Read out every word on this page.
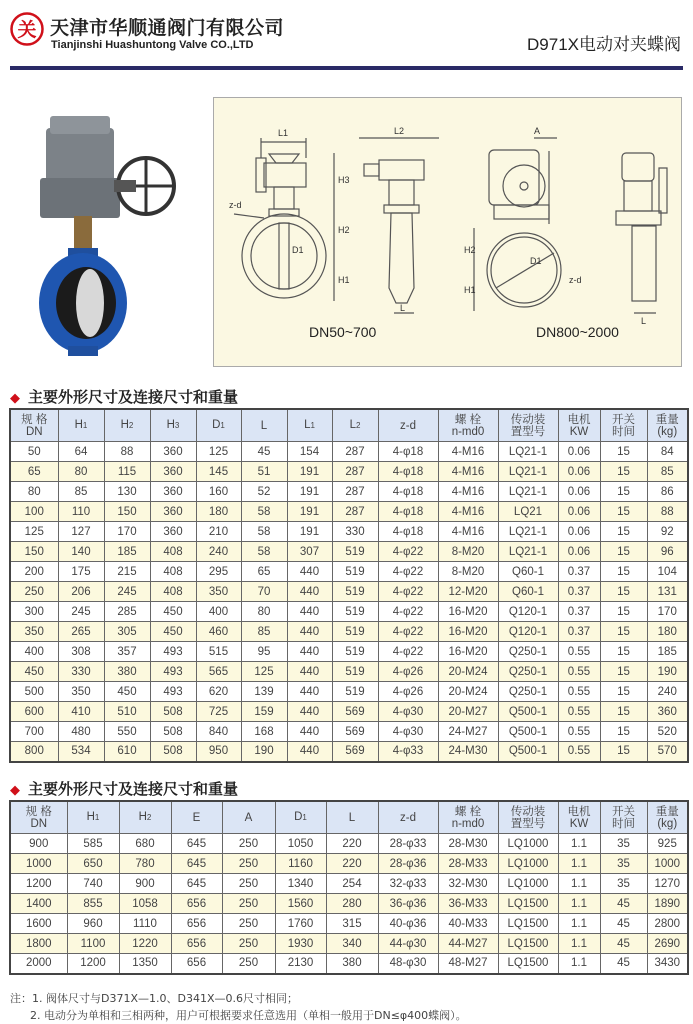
关 天津市华顺通阀门有限公司
Tianjinshi Huashuntong Valve CO.,LTD	D971X电动对夹蝶阀
L1	L2
H3
H2
H1
D1
z-d
L
A
H2
H1
D1
z-d
L
DN50~700	DN800~2000
◆ 主要外形尺寸及连接尺寸和重量
规 格
DN	H1	H2	H3	D1	L	L1	L2	z-d	螺 栓
n-md0	传动装
置型号	电机
KW	开关
时间	重量
(kg)
50	64	88	360	125	45	154	287	4-φ18	4-M16	LQ21-1	0.06	15	84
65	80	115	360	145	51	191	287	4-φ18	4-M16	LQ21-1	0.06	15	85
80	85	130	360	160	52	191	287	4-φ18	4-M16	LQ21-1	0.06	15	86
100	110	150	360	180	58	191	287	4-φ18	4-M16	LQ21	0.06	15	88
125	127	170	360	210	58	191	330	4-φ18	4-M16	LQ21-1	0.06	15	92
150	140	185	408	240	58	307	519	4-φ22	8-M20	LQ21-1	0.06	15	96
200	175	215	408	295	65	440	519	4-φ22	8-M20	Q60-1	0.37	15	104
250	206	245	408	350	70	440	519	4-φ22	12-M20	Q60-1	0.37	15	131
300	245	285	450	400	80	440	519	4-φ22	16-M20	Q120-1	0.37	15	170
350	265	305	450	460	85	440	519	4-φ22	16-M20	Q120-1	0.37	15	180
400	308	357	493	515	95	440	519	4-φ22	16-M20	Q250-1	0.55	15	185
450	330	380	493	565	125	440	519	4-φ26	20-M24	Q250-1	0.55	15	190
500	350	450	493	620	139	440	519	4-φ26	20-M24	Q250-1	0.55	15	240
600	410	510	508	725	159	440	569	4-φ30	20-M27	Q500-1	0.55	15	360
700	480	550	508	840	168	440	569	4-φ30	24-M27	Q500-1	0.55	15	520
800	534	610	508	950	190	440	569	4-φ33	24-M30	Q500-1	0.55	15	570
◆ 主要外形尺寸及连接尺寸和重量
规 格
DN	H1	H2	E	A	D1	L	z-d	螺 栓
n-md0	传动装
置型号	电机
KW	开关
时间	重量
(kg)
900	585	680	645	250	1050	220	28-φ33	28-M30	LQ1000	1.1	35	925
1000	650	780	645	250	1160	220	28-φ36	28-M33	LQ1000	1.1	35	1000
1200	740	900	645	250	1340	254	32-φ33	32-M30	LQ1000	1.1	35	1270
1400	855	1058	656	250	1560	280	36-φ36	36-M33	LQ1500	1.1	45	1890
1600	960	1110	656	250	1760	315	40-φ36	40-M33	LQ1500	1.1	45	2800
1800	1100	1220	656	250	1930	340	44-φ30	44-M27	LQ1500	1.1	45	2690
2000	1200	1350	656	250	2130	380	48-φ30	48-M27	LQ1500	1.1	45	3430
注：1. 阀体尺寸与D371X—1.0、D341X—0.6尺寸相同；
2. 电动分为单相和三相两种，用户可根据要求任意选用（单相一般用于DN≤φ400蝶阀）。
